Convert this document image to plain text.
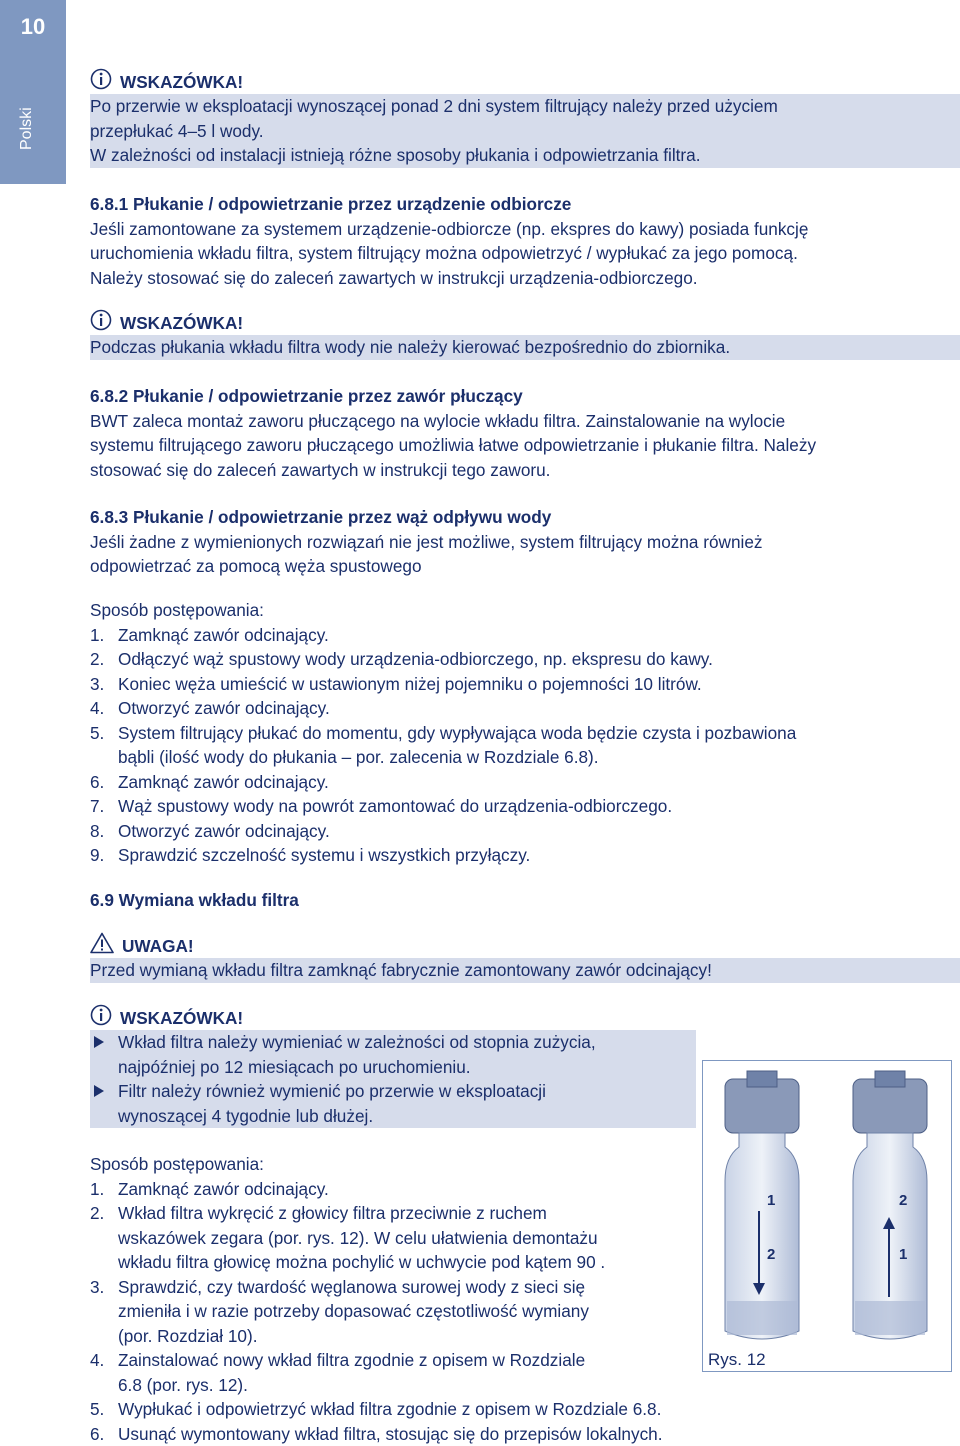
10
Polski
WSKAZÓWKA!
Po przerwie w eksploatacji wynoszącej ponad 2 dni system filtrujący należy przed użyciem
przepłukać 4–5 l wody.
W zależności od instalacji istnieją różne sposoby płukania i odpowietrzania filtra.
6.8.1 Płukanie / odpowietrzanie przez urządzenie odbiorcze
Jeśli zamontowane za systemem urządzenie-odbiorcze (np. ekspres do kawy) posiada funkcję
uruchomienia wkładu filtra, system filtrujący można odpowietrzyć / wypłukać za jego pomocą.
Należy stosować się do zaleceń zawartych w instrukcji urządzenia-odbiorczego.
WSKAZÓWKA!
Podczas płukania wkładu filtra wody nie należy kierować bezpośrednio do zbiornika.
6.8.2 Płukanie / odpowietrzanie przez zawór płuczący
BWT zaleca montaż zaworu płuczącego na wylocie wkładu filtra. Zainstalowanie na wylocie
systemu filtrującego zaworu płuczącego umożliwia łatwe odpowietrzanie i płukanie filtra. Należy
stosować się do zaleceń zawartych w instrukcji tego zaworu.
6.8.3 Płukanie / odpowietrzanie przez wąż odpływu wody
Jeśli żadne z wymienionych rozwiązań nie jest możliwe, system filtrujący można również
odpowietrzać za pomocą węża spustowego
Sposób postępowania:
1. Zamknąć zawór odcinający.
2. Odłączyć wąż spustowy wody urządzenia-odbiorczego, np. ekspresu do kawy.
3. Koniec węża umieścić w ustawionym niżej pojemniku o pojemności 10 litrów.
4. Otworzyć zawór odcinający.
5. System filtrujący płukać do momentu, gdy wypływająca woda będzie czysta i pozbawiona
bąbli (ilość wody do płukania – por. zalecenia w Rozdziale 6.8).
6. Zamknąć zawór odcinający.
7. Wąż spustowy wody na powrót zamontować do urządzenia-odbiorczego.
8. Otworzyć zawór odcinający.
9. Sprawdzić szczelność systemu i wszystkich przyłączy.
6.9 Wymiana wkładu filtra
UWAGA!
Przed wymianą wkładu filtra zamknąć fabrycznie zamontowany zawór odcinający!
WSKAZÓWKA!
Wkład filtra należy wymieniać w zależności od stopnia zużycia,
najpóźniej po 12 miesiącach po uruchomieniu.
Filtr należy również wymienić po przerwie w eksploatacji
wynoszącej 4 tygodnie lub dłużej.
Sposób postępowania:
1. Zamknąć zawór odcinający.
2. Wkład filtra wykręcić z głowicy filtra przeciwnie z ruchem
wskazówek zegara (por. rys. 12). W celu ułatwienia demontażu
wkładu filtra głowicę można pochylić w uchwycie pod kątem 90 .
3. Sprawdzić, czy twardość węglanowa surowej wody z sieci się
zmieniła i w razie potrzeby dopasować częstotliwość wymiany
(por. Rozdział 10).
4. Zainstalować nowy wkład filtra zgodnie z opisem w Rozdziale
6.8 (por. rys. 12).
5. Wypłukać i odpowietrzyć wkład filtra zgodnie z opisem w Rozdziale 6.8.
6. Usunąć wymontowany wkład filtra, stosując się do przepisów lokalnych.
1
2
2
1
Rys. 12
